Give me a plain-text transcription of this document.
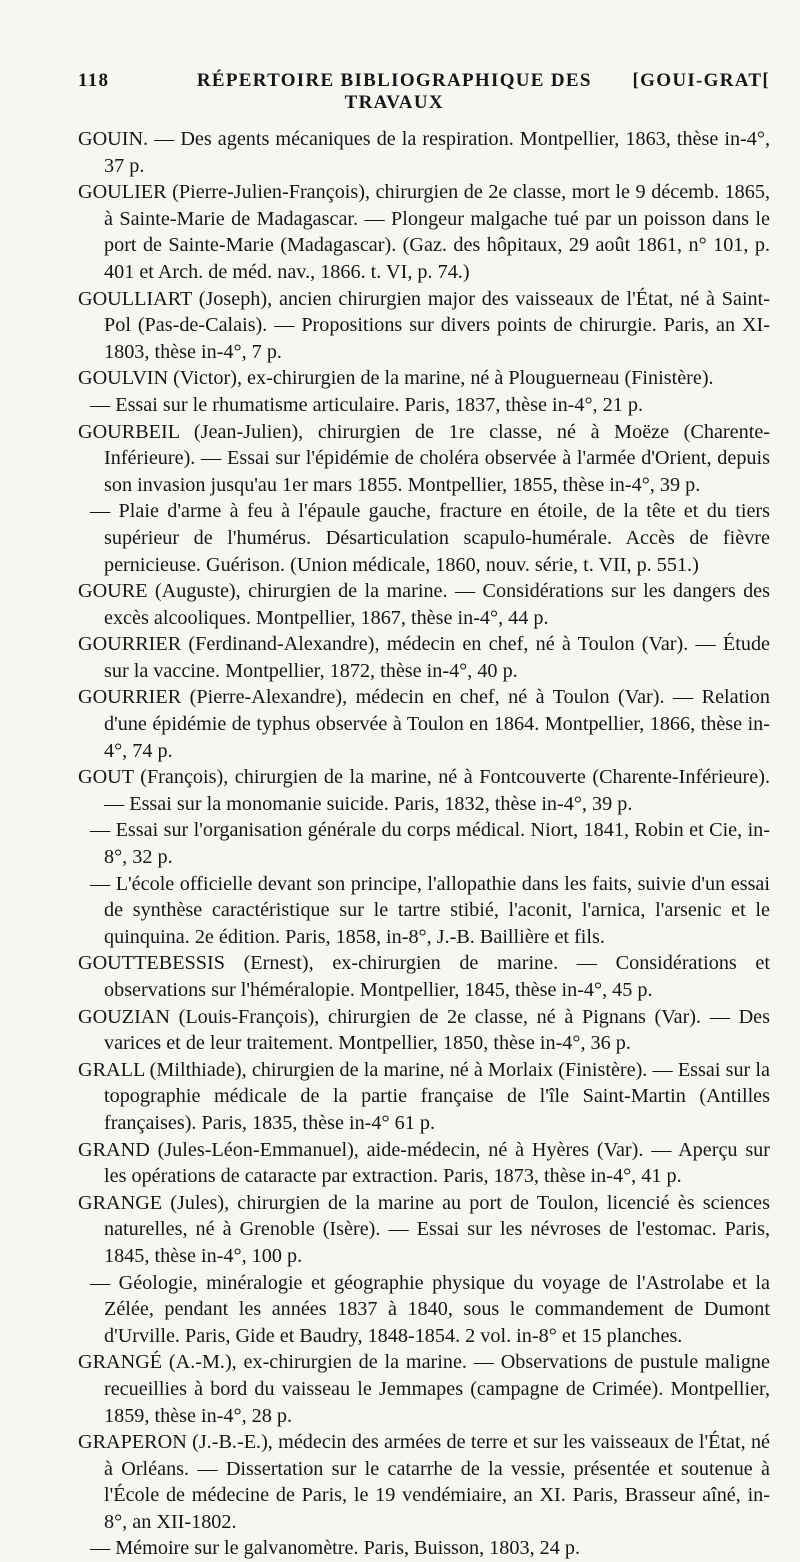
118	RÉPERTOIRE BIBLIOGRAPHIQUE DES TRAVAUX
[GOUI-GRAT[

GOUIN. — Des agents mécaniques de la respiration. Montpellier, 1863, thèse in-4°, 37 p.

GOULIER (Pierre-Julien-François), chirurgien de 2e classe, mort le 9 décemb. 1865, à Sainte-Marie de Madagascar. — Plongeur malgache tué par un poisson dans le port de Sainte-Marie (Madagascar). (Gaz. des hôpitaux, 29 août 1861, n° 101, p. 401 et Arch. de méd. nav., 1866. t. VI, p. 74.)

GOULLIART (Joseph), ancien chirurgien major des vaisseaux de l'État, né à Saint-Pol (Pas-de-Calais). — Propositions sur divers points de chirurgie. Paris, an XI-1803, thèse in-4°, 7 p.

GOULVIN (Victor), ex-chirurgien de la marine, né à Plouguerneau (Finistère).

— Essai sur le rhumatisme articulaire. Paris, 1837, thèse in-4°, 21 p.

GOURBEIL (Jean-Julien), chirurgien de 1re classe, né à Moëze (Charente-Inférieure). — Essai sur l'épidémie de choléra observée à l'armée d'Orient, depuis son invasion jusqu'au 1er mars 1855. Montpellier, 1855, thèse in-4°, 39 p.

— Plaie d'arme à feu à l'épaule gauche, fracture en étoile, de la tête et du tiers supérieur de l'humérus. Désarticulation scapulo-humérale. Accès de fièvre pernicieuse. Guérison. (Union médicale, 1860, nouv. série, t. VII, p. 551.)

GOURE (Auguste), chirurgien de la marine. — Considérations sur les dangers des excès alcooliques. Montpellier, 1867, thèse in-4°, 44 p.

GOURRIER (Ferdinand-Alexandre), médecin en chef, né à Toulon (Var). — Étude sur la vaccine. Montpellier, 1872, thèse in-4°, 40 p.

GOURRIER (Pierre-Alexandre), médecin en chef, né à Toulon (Var). — Relation d'une épidémie de typhus observée à Toulon en 1864. Montpellier, 1866, thèse in-4°, 74 p.

GOUT (François), chirurgien de la marine, né à Fontcouverte (Charente-Inférieure). — Essai sur la monomanie suicide. Paris, 1832, thèse in-4°, 39 p.

— Essai sur l'organisation générale du corps médical. Niort, 1841, Robin et Cie, in-8°, 32 p.

— L'école officielle devant son principe, l'allopathie dans les faits, suivie d'un essai de synthèse caractéristique sur le tartre stibié, l'aconit, l'arnica, l'arsenic et le quinquina. 2e édition. Paris, 1858, in-8°, J.-B. Baillière et fils.

GOUTTEBESSIS (Ernest), ex-chirurgien de marine. — Considérations et observations sur l'héméralopie. Montpellier, 1845, thèse in-4°, 45 p.

GOUZIAN (Louis-François), chirurgien de 2e classe, né à Pignans (Var). — Des varices et de leur traitement. Montpellier, 1850, thèse in-4°, 36 p.

GRALL (Milthiade), chirurgien de la marine, né à Morlaix (Finistère). — Essai sur la topographie médicale de la partie française de l'île Saint-Martin (Antilles françaises). Paris, 1835, thèse in-4° 61 p.

GRAND (Jules-Léon-Emmanuel), aide-médecin, né à Hyères (Var). — Aperçu sur les opérations de cataracte par extraction. Paris, 1873, thèse in-4°, 41 p.

GRANGE (Jules), chirurgien de la marine au port de Toulon, licencié ès sciences naturelles, né à Grenoble (Isère). — Essai sur les névroses de l'estomac. Paris, 1845, thèse in-4°, 100 p.

— Géologie, minéralogie et géographie physique du voyage de l'Astrolabe et la Zélée, pendant les années 1837 à 1840, sous le commandement de Dumont d'Urville. Paris, Gide et Baudry, 1848-1854. 2 vol. in-8° et 15 planches.

GRANGÉ (A.-M.), ex-chirurgien de la marine. — Observations de pustule maligne recueillies à bord du vaisseau le Jemmapes (campagne de Crimée). Montpellier, 1859, thèse in-4°, 28 p.

GRAPERON (J.-B.-E.), médecin des armées de terre et sur les vaisseaux de l'État, né à Orléans. — Dissertation sur le catarrhe de la vessie, présentée et soutenue à l'École de médecine de Paris, le 19 vendémiaire, an XI. Paris, Brasseur aîné, in-8°, an XII-1802.

— Mémoire sur le galvanomètre. Paris, Buisson, 1803, 24 p.
